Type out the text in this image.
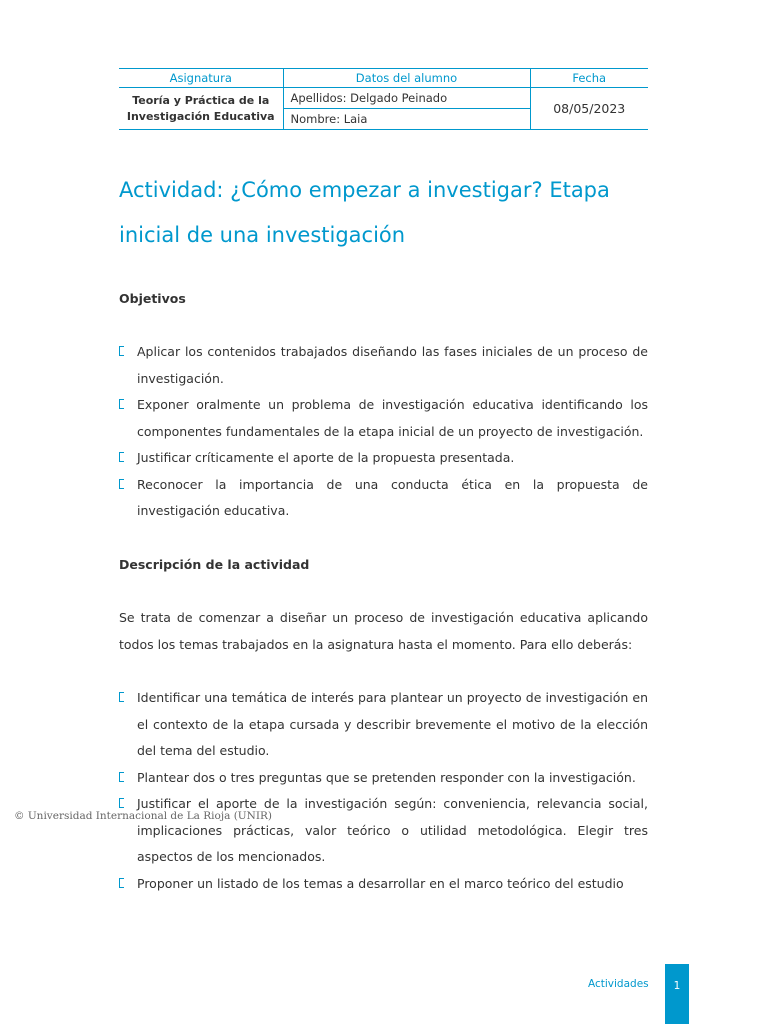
Asignatura	Datos del alumno	Fecha
Teoría y Práctica de la Investigación Educativa	Apellidos: Delgado Peinado	08/05/2023
	Nombre: Laia	
Actividad: ¿Cómo empezar a investigar? Etapa inicial de una investigación
Objetivos
Aplicar los contenidos trabajados diseñando las fases iniciales de un proceso de investigación.
Exponer oralmente un problema de investigación educativa identificando los componentes fundamentales de la etapa inicial de un proyecto de investigación.
Justificar críticamente el aporte de la propuesta presentada.
Reconocer la importancia de una conducta ética en la propuesta de investigación educativa.
Descripción de la actividad

Se trata de comenzar a diseñar un proceso de investigación educativa aplicando todos los temas trabajados en la asignatura hasta el momento. Para ello deberás:

Identificar una temática de interés para plantear un proyecto de investigación en el contexto de la etapa cursada y describir brevemente el motivo de la elección del tema del estudio.
Plantear dos o tres preguntas que se pretenden responder con la investigación.
Justificar el aporte de la investigación según: conveniencia, relevancia social, implicaciones prácticas, valor teórico o utilidad metodológica. Elegir tres aspectos de los mencionados.
Proponer un listado de los temas a desarrollar en el marco teórico del estudio

© Universidad Internacional de La Rioja (UNIR)

Actividades	1
